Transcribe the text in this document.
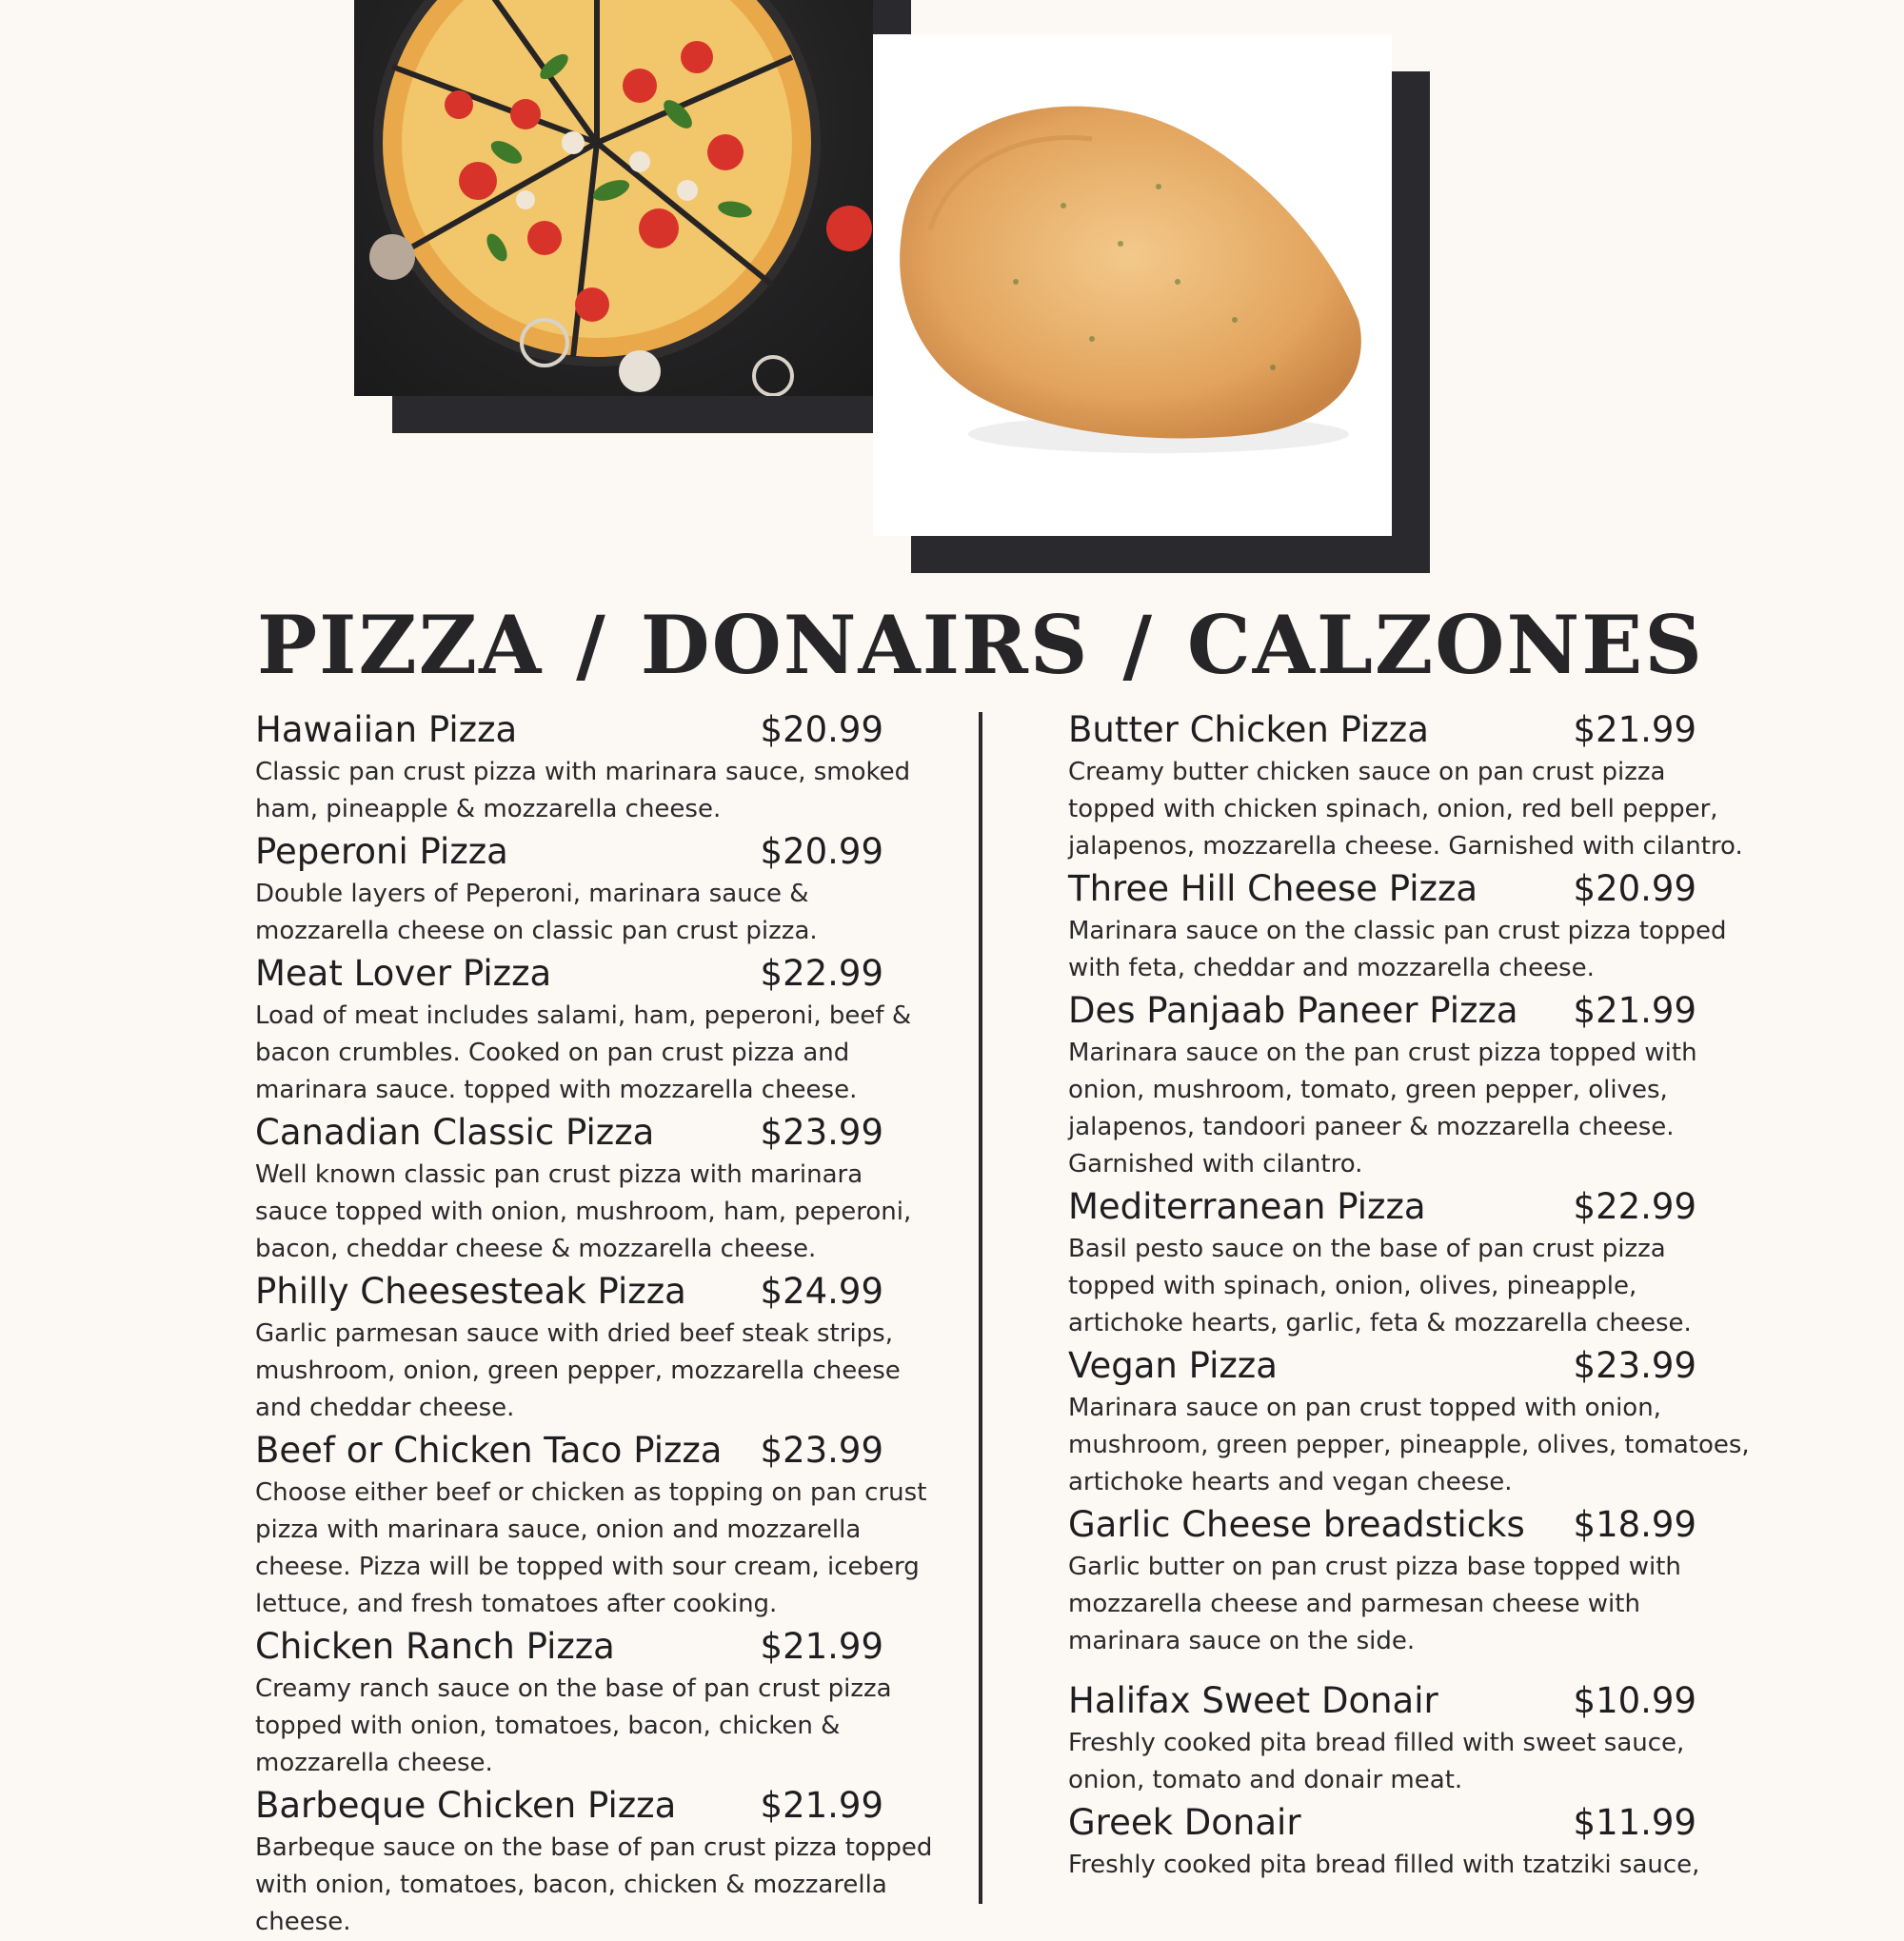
PIZZA / DONAIRS / CALZONES
Hawaiian Pizza	$20.99
Classic pan crust pizza with marinara sauce, smoked ham, pineapple & mozzarella cheese.
Peperoni Pizza	$20.99
Double layers of Peperoni, marinara sauce & mozzarella cheese on classic pan crust pizza.
Meat Lover Pizza	$22.99
Load of meat includes salami, ham, peperoni, beef & bacon crumbles. Cooked on pan crust pizza and marinara sauce. topped with mozzarella cheese.
Canadian Classic Pizza	$23.99
Well known classic pan crust pizza with marinara sauce topped with onion, mushroom, ham, peperoni, bacon, cheddar cheese & mozzarella cheese.
Philly Cheesesteak Pizza $24.99
Garlic parmesan sauce with dried beef steak strips, mushroom, onion, green pepper, mozzarella cheese and cheddar cheese.
Beef or Chicken Taco Pizza $23.99
Choose either beef or chicken as topping on pan crust pizza with marinara sauce, onion and mozzarella cheese. Pizza will be topped with sour cream, iceberg lettuce, and fresh tomatoes after cooking.
Chicken Ranch Pizza	$21.99
Creamy ranch sauce on the base of pan crust pizza topped with onion, tomatoes, bacon, chicken & mozzarella cheese.
Barbeque Chicken Pizza $21.99
Barbeque sauce on the base of pan crust pizza topped with onion, tomatoes, bacon, chicken & mozzarella cheese.
Butter Chicken Pizza	$21.99
Creamy butter chicken sauce on pan crust pizza topped with chicken spinach, onion, red bell pepper, jalapenos, mozzarella cheese. Garnished with cilantro.
Three Hill Cheese Pizza	$20.99
Marinara sauce on the classic pan crust pizza topped with feta, cheddar and mozzarella cheese.
Des Panjaab Paneer Pizza $21.99
Marinara sauce on the pan crust pizza topped with onion, mushroom, tomato, green pepper, olives, jalapenos, tandoori paneer & mozzarella cheese. Garnished with cilantro.
Mediterranean Pizza	$22.99
Basil pesto sauce on the base of pan crust pizza topped with spinach, onion, olives, pineapple, artichoke hearts, garlic, feta & mozzarella cheese.
Vegan Pizza	$23.99
Marinara sauce on pan crust topped with onion, mushroom, green pepper, pineapple, olives, tomatoes, artichoke hearts and vegan cheese.
Garlic Cheese breadsticks $18.99
Garlic butter on pan crust pizza base topped with mozzarella cheese and parmesan cheese with marinara sauce on the side.
Halifax Sweet Donair	$10.99
Freshly cooked pita bread filled with sweet sauce, onion, tomato and donair meat.
Greek Donair	$11.99
Freshly cooked pita bread filled with tzatziki sauce,
